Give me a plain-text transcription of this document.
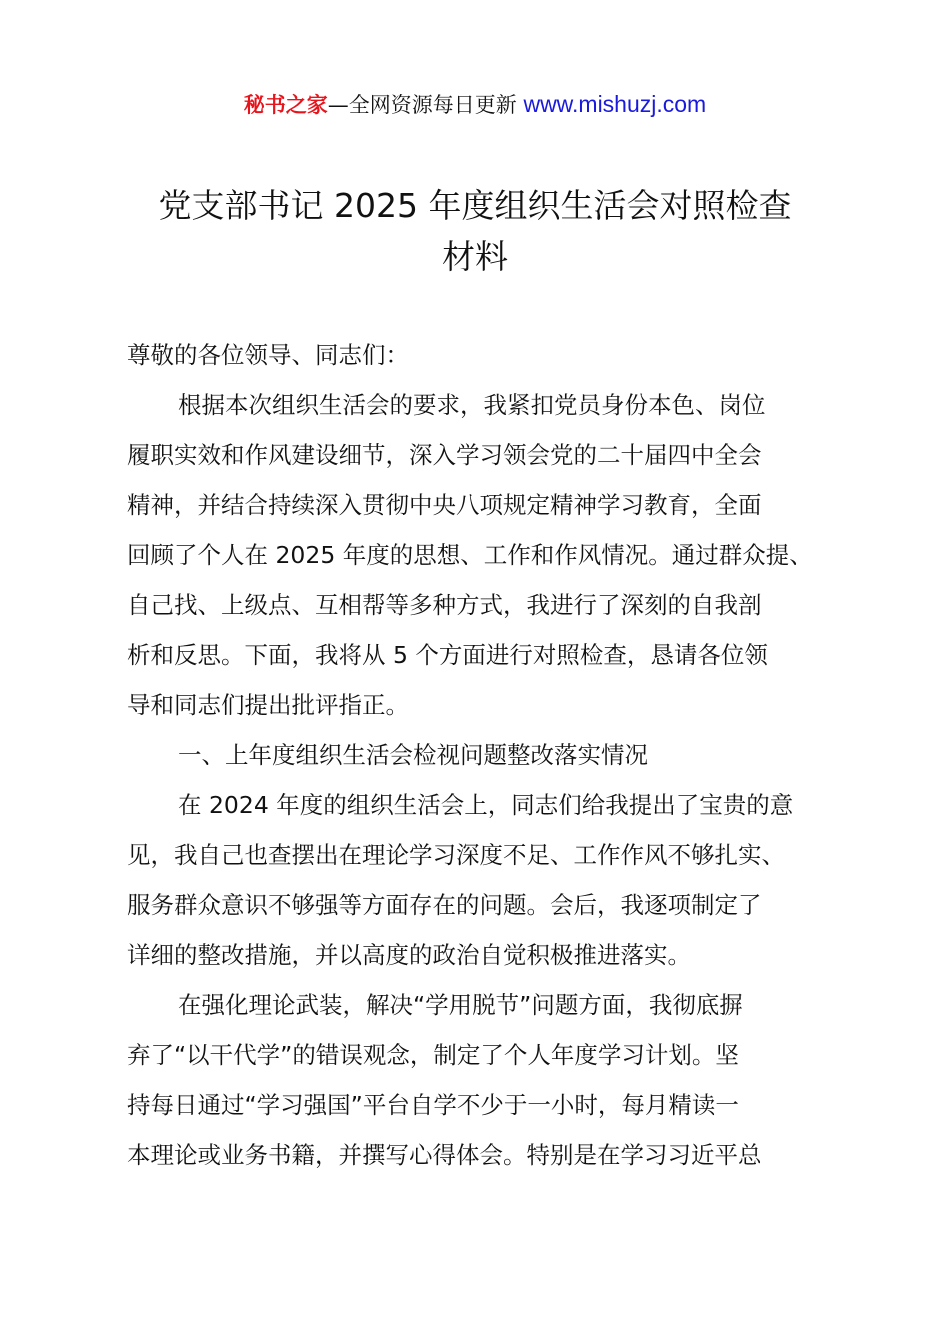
秘书之家—全网资源每日更新 www.mishuzj.com
党支部书记 2025 年度组织生活会对照检查
材料
尊敬的各位领导、同志们：
根据本次组织生活会的要求，我紧扣党员身份本色、岗位
履职实效和作风建设细节，深入学习领会党的二十届四中全会
精神，并结合持续深入贯彻中央八项规定精神学习教育，全面
回顾了个人在 2025 年度的思想、工作和作风情况。通过群众提、
自己找、上级点、互相帮等多种方式，我进行了深刻的自我剖
析和反思。下面，我将从 5 个方面进行对照检查，恳请各位领
导和同志们提出批评指正。
一、上年度组织生活会检视问题整改落实情况
在 2024 年度的组织生活会上，同志们给我提出了宝贵的意
见，我自己也查摆出在理论学习深度不足、工作作风不够扎实、
服务群众意识不够强等方面存在的问题。会后，我逐项制定了
详细的整改措施，并以高度的政治自觉积极推进落实。
在强化理论武装，解决“学用脱节”问题方面，我彻底摒
弃了“以干代学”的错误观念，制定了个人年度学习计划。坚
持每日通过“学习强国”平台自学不少于一小时，每月精读一
本理论或业务书籍，并撰写心得体会。特别是在学习习近平总
